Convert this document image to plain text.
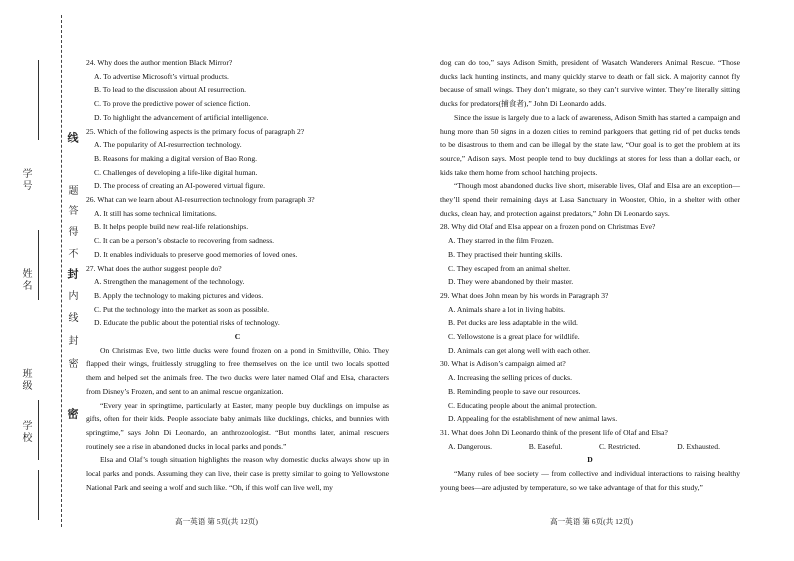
学号
姓名
班级
学校
线
封
密
密
封
线
内
不
得
答
题

24. Why does the author mention Black Mirror?

A. To advertise Microsoft’s virtual products.

B. To lead to the discussion about AI resurrection.

C. To prove the predictive power of science fiction.

D. To highlight the advancement of artificial intelligence.

25. Which of the following aspects is the primary focus of paragraph 2?

A. The popularity of AI-resurrection technology.

B. Reasons for making a digital version of Bao Rong.

C. Challenges of developing a life-like digital human.

D. The process of creating an AI-powered virtual figure.

26. What can we learn about AI-resurrection technology from paragraph 3?

A. It still has some technical limitations.

B. It helps people build new real-life relationships.

C. It can be a person’s obstacle to recovering from sadness.

D. It enables individuals to preserve good memories of loved ones.

27. What does the author suggest people do?

A. Strengthen the management of the technology.

B. Apply the technology to making pictures and videos.

C. Put the technology into the market as soon as possible.

D. Educate the public about the potential risks of technology.

C

On Christmas Eve, two little ducks were found frozen on a pond in Smithville, Ohio. They flapped their wings, fruitlessly struggling to free themselves on the ice until two locals spotted them and helped set the animals free. The two ducks were later named Olaf and Elsa, characters from Disney’s Frozen, and sent to an animal rescue organization.

“Every year in springtime, particularly at Easter, many people buy ducklings on impulse as gifts, often for their kids. People associate baby animals like ducklings, chicks, and bunnies with springtime,” says John Di Leonardo, an anthrozoologist. “But months later, animal rescuers routinely see a rise in abandoned ducks in local parks and ponds.”

Elsa and Olaf’s tough situation highlights the reason why domestic ducks always show up in local parks and ponds. Assuming they can live, their case is pretty similar to going to Yellowstone National Park and seeing a wolf and such like. “Oh, if this wolf can live well, my

高一英语 第 5页(共 12页)

dog can do too,” says Adison Smith, president of Wasatch Wanderers Animal Rescue. “Those ducks lack hunting instincts, and many quickly starve to death or fall sick. A majority cannot fly because of small wings. They don’t migrate, so they can’t survive winter. They’re literally sitting ducks for predators(捕食者),” John Di Leonardo adds.

Since the issue is largely due to a lack of awareness, Adison Smith has started a campaign and hung more than 50 signs in a dozen cities to remind parkgoers that getting rid of pet ducks tends to be disastrous to them and can be illegal by the state law, “Our goal is to get the problem at its source,” Adison says. Most people tend to buy ducklings at stores for less than a dollar each, or kids take them home from school hatching projects.

“Though most abandoned ducks live short, miserable lives, Olaf and Elsa are an exception—they’ll spend their remaining days at Lasa Sanctuary in Wooster, Ohio, in a shelter with other ducks, clean hay, and protection against predators,” John Di Leonardo says.

28. Why did Olaf and Elsa appear on a frozen pond on Christmas Eve?

A. They starred in the film Frozen.

B. They practised their hunting skills.

C. They escaped from an animal shelter.

D. They were abandoned by their master.

29. What does John mean by his words in Paragraph 3?

A. Animals share a lot in living habits.

B. Pet ducks are less adaptable in the wild.

C. Yellowstone is a great place for wildlife.

D. Animals can get along well with each other.

30. What is Adison’s campaign aimed at?

A. Increasing the selling prices of ducks.

B. Reminding people to save our resources.

C. Educating people about the animal protection.

D. Appealing for the establishment of new animal laws.

31. What does John Di Leonardo think of the present life of Olaf and Elsa?

A. Dangerous.	B. Easeful.	C. Restricted.	D. Exhausted.

D

“Many rules of bee society — from collective and individual interactions to raising healthy young bees—are adjusted by temperature, so we take advantage of that for this study,”

高一英语 第 6页(共 12页)
